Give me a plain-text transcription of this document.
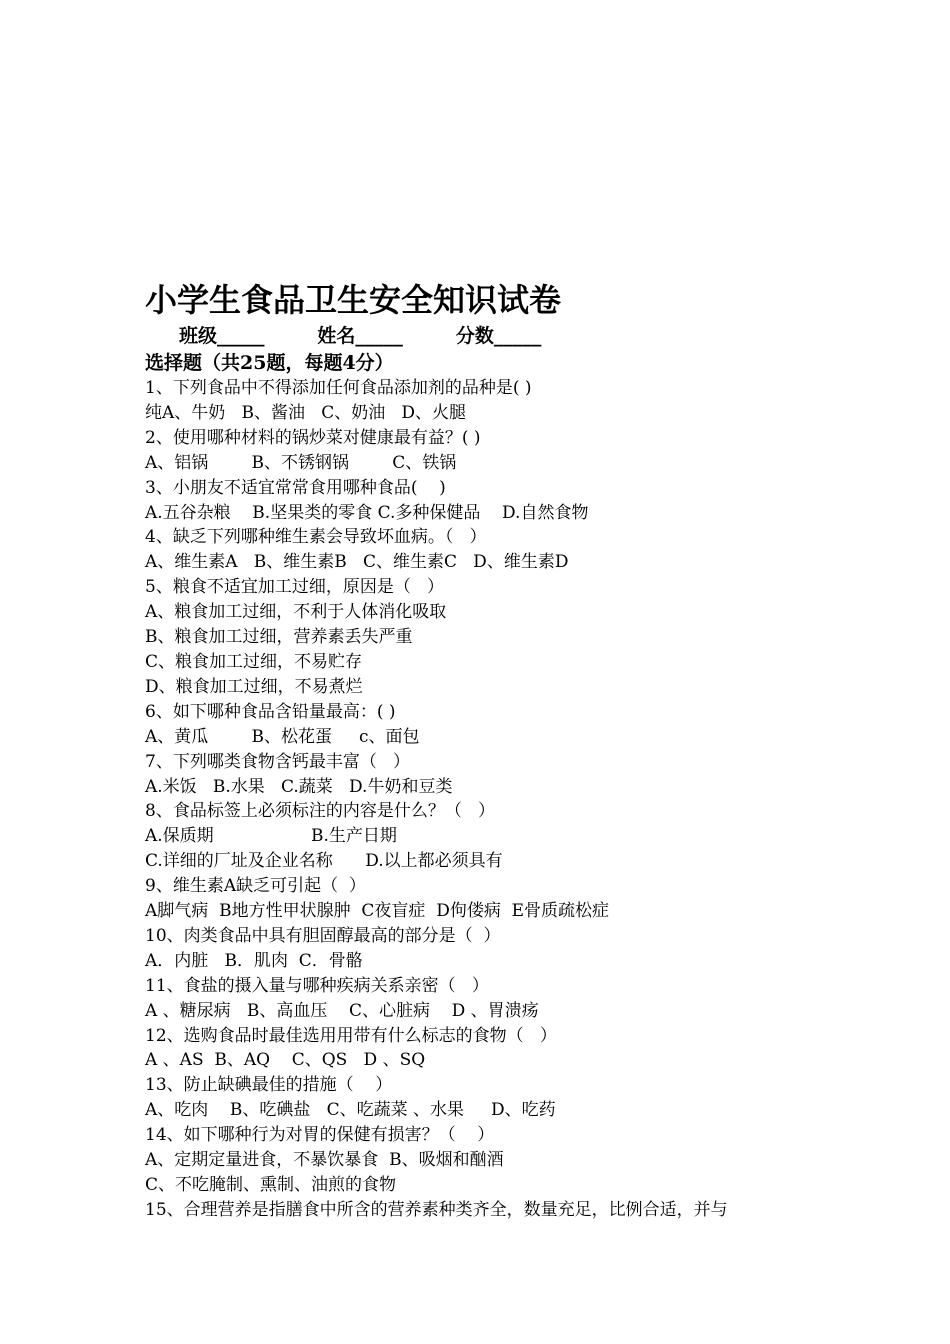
小学生食品卫生安全知识试卷
班级_____        姓名_____        分数_____
选择题（共25题，每题4分）
1、下列食品中不得添加任何食品添加剂的品种是( )
纯A、牛奶   B、酱油   C、奶油   D、火腿
2、使用哪种材料的锅炒菜对健康最有益？( )
A、铝锅        B、不锈钢锅        C、铁锅
3、小朋友不适宜常常食用哪种食品(    )
A.五谷杂粮    B.坚果类的零食 C.多种保健品    D.自然食物
4、缺乏下列哪种维生素会导致坏血病。（   ）
A、维生素A   B、维生素B   C、维生素C   D、维生素D
5、粮食不适宜加工过细，原因是（   ）
A、粮食加工过细，不利于人体消化吸取
B、粮食加工过细，营养素丢失严重
C、粮食加工过细，不易贮存
D、粮食加工过细，不易煮烂
6、如下哪种食品含铅量最高：( )
A、黄瓜        B、松花蛋     c、面包
7、下列哪类食物含钙最丰富（   ）
A.米饭   B.水果   C.蔬菜   D.牛奶和豆类
8、食品标签上必须标注的内容是什么？（   ）
A.保质期                  B.生产日期
C.详细的厂址及企业名称      D.以上都必须具有
9、维生素A缺乏可引起（  ）
A脚气病  B地方性甲状腺肿  C夜盲症  D佝偻病  E骨质疏松症
10、肉类食品中具有胆固醇最高的部分是（  ）
A．内脏   B．肌肉  C．骨骼
11、食盐的摄入量与哪种疾病关系亲密（   ）
A 、糖尿病   B、高血压    C、心脏病    D 、胃溃疡
12、选购食品时最佳选用用带有什么标志的食物（   ）
A 、AS  B、AQ    C、QS   D 、SQ
13、防止缺碘最佳的措施（    ）
A、吃肉    B、吃碘盐   C、吃蔬菜 、水果     D、吃药
14、如下哪种行为对胃的保健有损害？（    ）
A、定期定量进食，不暴饮暴食  B、吸烟和酗酒
C、不吃腌制、熏制、油煎的食物
15、合理营养是指膳食中所含的营养素种类齐全，数量充足，比例合适，并与
